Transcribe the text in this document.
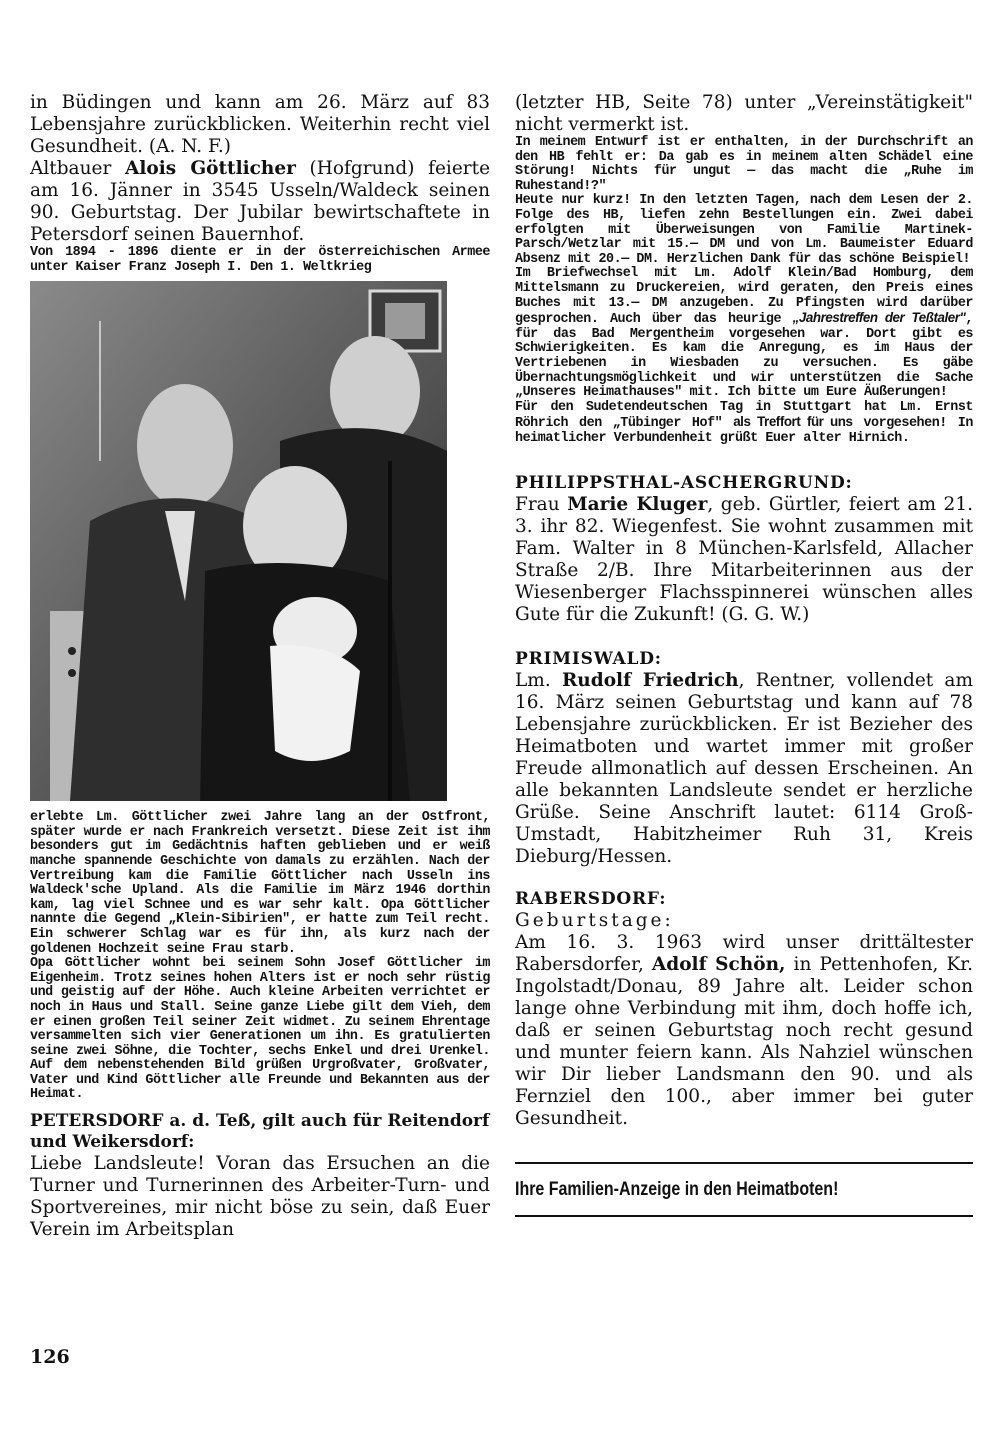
in Büdingen und kann am 26. März auf 83 Lebensjahre zurückblicken. Weiterhin recht viel Gesundheit. (A. N. F.)

Altbauer Alois Göttlicher (Hofgrund) feierte am 16. Jänner in 3545 Usseln/Waldeck seinen 90. Geburtstag. Der Jubilar bewirtschaftete in Petersdorf seinen Bauernhof.

Von 1894 - 1896 diente er in der österreichischen Armee unter Kaiser Franz Joseph I. Den 1. Weltkrieg

erlebte Lm. Göttlicher zwei Jahre lang an der Ostfront, später wurde er nach Frankreich versetzt. Diese Zeit ist ihm besonders gut im Gedächtnis haften geblieben und er weiß manche spannende Geschichte von damals zu erzählen. Nach der Vertreibung kam die Familie Göttlicher nach Usseln ins Waldeck'sche Upland. Als die Familie im März 1946 dorthin kam, lag viel Schnee und es war sehr kalt. Opa Göttlicher nannte die Gegend „Klein-Sibirien", er hatte zum Teil recht. Ein schwerer Schlag war es für ihn, als kurz nach der goldenen Hochzeit seine Frau starb.

Opa Göttlicher wohnt bei seinem Sohn Josef Göttlicher im Eigenheim. Trotz seines hohen Alters ist er noch sehr rüstig und geistig auf der Höhe. Auch kleine Arbeiten verrichtet er noch in Haus und Stall. Seine ganze Liebe gilt dem Vieh, dem er einen großen Teil seiner Zeit widmet. Zu seinem Ehrentage versammelten sich vier Generationen um ihn. Es gratulierten seine zwei Söhne, die Tochter, sechs Enkel und drei Urenkel. Auf dem nebenstehenden Bild grüßen Urgroßvater, Großvater, Vater und Kind Göttlicher alle Freunde und Bekannten aus der Heimat.

PETERSDORF a. d. Teß, gilt auch für Reitendorf und Weikersdorf:

Liebe Landsleute! Voran das Ersuchen an die Turner und Turnerinnen des Arbeiter-Turn- und Sportvereines, mir nicht böse zu sein, daß Euer Verein im Arbeitsplan

(letzter HB, Seite 78) unter „Vereinstätigkeit" nicht vermerkt ist.

In meinem Entwurf ist er enthalten, in der Durchschrift an den HB fehlt er: Da gab es in meinem alten Schädel eine Störung! Nichts für ungut — das macht die „Ruhe im Ruhestand!?"

Heute nur kurz! In den letzten Tagen, nach dem Lesen der 2. Folge des HB, liefen zehn Bestellungen ein. Zwei dabei erfolgten mit Überweisungen von Familie Martinek-Parsch/Wetzlar mit 15.— DM und von Lm. Baumeister Eduard Absenz mit 20.— DM. Herzlichen Dank für das schöne Beispiel!

Im Briefwechsel mit Lm. Adolf Klein/Bad Homburg, dem Mittelsmann zu Druckereien, wird geraten, den Preis eines Buches mit 13.— DM anzugeben. Zu Pfingsten wird darüber gesprochen. Auch über das heurige „Jahrestreffen der Teßtaler", für das Bad Mergentheim vorgesehen war. Dort gibt es Schwierigkeiten. Es kam die Anregung, es im Haus der Vertriebenen in Wiesbaden zu versuchen. Es gäbe Übernachtungsmöglichkeit und wir unterstützen die Sache „Unseres Heimathauses" mit. Ich bitte um Eure Äußerungen!

Für den Sudetendeutschen Tag in Stuttgart hat Lm. Ernst Röhrich den „Tübinger Hof" als Treffort für uns vorgesehen! In heimatlicher Verbundenheit grüßt Euer alter Hirnich.

PHILIPPSTHAL-ASCHERGRUND:

Frau Marie Kluger, geb. Gürtler, feiert am 21. 3. ihr 82. Wiegenfest. Sie wohnt zusammen mit Fam. Walter in 8 München-Karlsfeld, Allacher Straße 2/B. Ihre Mitarbeiterinnen aus der Wiesenberger Flachsspinnerei wünschen alles Gute für die Zukunft! (G. G. W.)

PRIMISWALD:

Lm. Rudolf Friedrich, Rentner, vollendet am 16. März seinen Geburtstag und kann auf 78 Lebensjahre zurückblicken. Er ist Bezieher des Heimatboten und wartet immer mit großer Freude allmonatlich auf dessen Erscheinen. An alle bekannten Landsleute sendet er herzliche Grüße. Seine Anschrift lautet: 6114 Groß-Umstadt, Habitzheimer Ruh 31, Kreis Dieburg/Hessen.

RABERSDORF:

Geburtstage:

Am 16. 3. 1963 wird unser drittältester Rabersdorfer, Adolf Schön, in Pettenhofen, Kr. Ingolstadt/Donau, 89 Jahre alt. Leider schon lange ohne Verbindung mit ihm, doch hoffe ich, daß er seinen Geburtstag noch recht gesund und munter feiern kann. Als Nahziel wünschen wir Dir lieber Landsmann den 90. und als Fernziel den 100., aber immer bei guter Gesundheit.

Ihre Familien-Anzeige in den Heimatboten!
126
